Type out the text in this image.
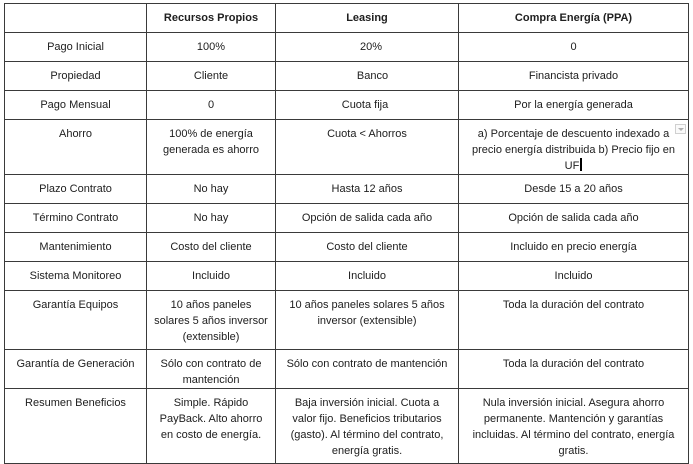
	Recursos Propios	Leasing	Compra Energía (PPA)
Pago Inicial	100%	20%	0
Propiedad	Cliente	Banco	Financista privado
Pago Mensual	0	Cuota fija	Por la energía generada
Ahorro	100% de energía generada es ahorro	Cuota < Ahorros	a) Porcentaje de descuento indexado a precio energía distribuida b) Precio fijo en UF

Plazo Contrato	No hay	Hasta 12 años	Desde 15 a 20 años
Término Contrato	No hay	Opción de salida cada año	Opción de salida cada año
Mantenimiento	Costo del cliente	Costo del cliente	Incluido en precio energía
Sistema Monitoreo	Incluido	Incluido	Incluido
Garantía Equipos	10 años paneles solares 5 años inversor (extensible)	10 años paneles solares 5 años inversor (extensible)	Toda la duración del contrato
Garantía de Generación	Sólo con contrato de mantención	Sólo con contrato de mantención	Toda la duración del contrato
Resumen Beneficios	Simple. Rápido PayBack. Alto ahorro en costo de energía.	Baja inversión inicial. Cuota a valor fijo. Beneficios tributarios (gasto). Al término del contrato, energía gratis.	Nula inversión inicial. Asegura ahorro permanente. Mantención y garantías incluidas. Al término del contrato, energía gratis.
